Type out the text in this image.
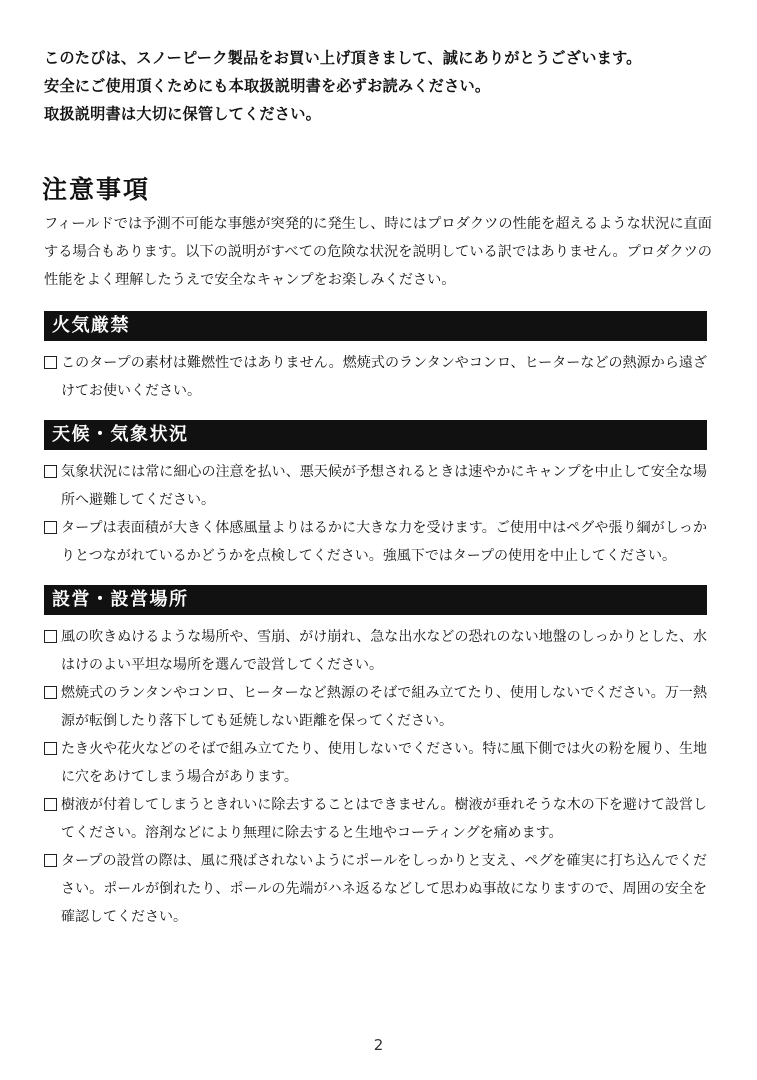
このたびは、スノーピーク製品をお買い上げ頂きまして、誠にありがとうございます。

安全にご使用頂くためにも本取扱説明書を必ずお読みください。

取扱説明書は大切に保管してください。

注意事項

フィールドでは予測不可能な事態が突発的に発生し、時にはプロダクツの性能を超えるような状況に直面する場合もあります。以下の説明がすべての危険な状況を説明している訳ではありません。プロダクツの性能をよく理解したうえで安全なキャンプをお楽しみください。

火気厳禁
このタープの素材は難燃性ではありません。燃焼式のランタンやコンロ、ヒーターなどの熱源から遠ざけてお使いください。
天候・気象状況
気象状況には常に細心の注意を払い、悪天候が予想されるときは速やかにキャンプを中止して安全な場所へ避難してください。
タープは表面積が大きく体感風量よりはるかに大きな力を受けます。ご使用中はペグや張り綱がしっかりとつながれているかどうかを点検してください。強風下ではタープの使用を中止してください。
設営・設営場所
風の吹きぬけるような場所や、雪崩、がけ崩れ、急な出水などの恐れのない地盤のしっかりとした、水はけのよい平坦な場所を選んで設営してください。
燃焼式のランタンやコンロ、ヒーターなど熱源のそばで組み立てたり、使用しないでください。万一熱源が転倒したり落下しても延焼しない距離を保ってください。
たき火や花火などのそばで組み立てたり、使用しないでください。特に風下側では火の粉を履り、生地に穴をあけてしまう場合があります。
樹液が付着してしまうときれいに除去することはできません。樹液が垂れそうな木の下を避けて設営してください。溶剤などにより無理に除去すると生地やコーティングを痛めます。
タープの設営の際は、風に飛ばされないようにポールをしっかりと支え、ペグを確実に打ち込んでください。ポールが倒れたり、ポールの先端がハネ返るなどして思わぬ事故になりますので、周囲の安全を確認してください。
2
